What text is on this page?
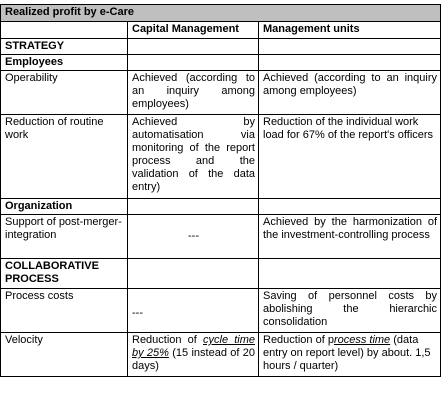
Realized profit by e-Care		
	Capital Management	Management units
STRATEGY		
Employees		
Operability	Achieved (according to an inquiry among employees)	Achieved (according to an inquiry among employees)
Reduction of routine work	Achieved by automatisation via monitoring of the report process and the validation of the data entry)	Reduction of the individual work load for 67% of the report's officers
Organization		
Support of post-merger-integration	---	Achieved by the harmonization of the investment-controlling process

COLLABORATIVE
PROCESS		

Process costs	---	Saving of personnel costs by abolishing the hierarchic consolidation
Velocity	Reduction of cycle time by 25% (15 instead of 20 days)	Reduction of process time (data entry on report level) by about. 1,5 hours / quarter)
